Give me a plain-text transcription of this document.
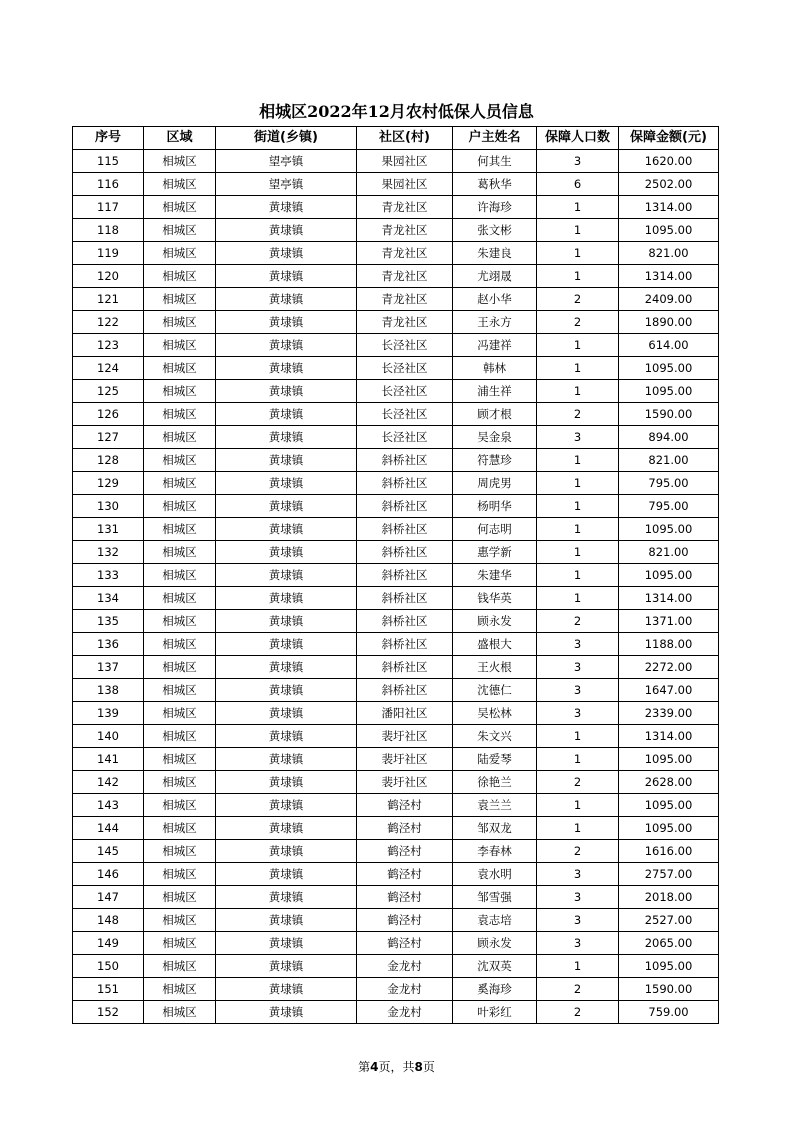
相城区2022年12月农村低保人员信息
序号	区域	街道(乡镇)	社区(村)	户主姓名	保障人口数	保障金额(元)
115	相城区	望亭镇	果园社区	何其生	3	1620.00
116	相城区	望亭镇	果园社区	葛秋华	6	2502.00
117	相城区	黄埭镇	青龙社区	许海珍	1	1314.00
118	相城区	黄埭镇	青龙社区	张文彬	1	1095.00
119	相城区	黄埭镇	青龙社区	朱建良	1	821.00
120	相城区	黄埭镇	青龙社区	尤翊晟	1	1314.00
121	相城区	黄埭镇	青龙社区	赵小华	2	2409.00
122	相城区	黄埭镇	青龙社区	王永方	2	1890.00
123	相城区	黄埭镇	长泾社区	冯建祥	1	614.00
124	相城区	黄埭镇	长泾社区	韩林	1	1095.00
125	相城区	黄埭镇	长泾社区	浦生祥	1	1095.00
126	相城区	黄埭镇	长泾社区	顾才根	2	1590.00
127	相城区	黄埭镇	长泾社区	吴金泉	3	894.00
128	相城区	黄埭镇	斜桥社区	符慧珍	1	821.00
129	相城区	黄埭镇	斜桥社区	周虎男	1	795.00
130	相城区	黄埭镇	斜桥社区	杨明华	1	795.00
131	相城区	黄埭镇	斜桥社区	何志明	1	1095.00
132	相城区	黄埭镇	斜桥社区	惠学新	1	821.00
133	相城区	黄埭镇	斜桥社区	朱建华	1	1095.00
134	相城区	黄埭镇	斜桥社区	钱华英	1	1314.00
135	相城区	黄埭镇	斜桥社区	顾永发	2	1371.00
136	相城区	黄埭镇	斜桥社区	盛根大	3	1188.00
137	相城区	黄埭镇	斜桥社区	王火根	3	2272.00
138	相城区	黄埭镇	斜桥社区	沈德仁	3	1647.00
139	相城区	黄埭镇	潘阳社区	吴松林	3	2339.00
140	相城区	黄埭镇	裴圩社区	朱文兴	1	1314.00
141	相城区	黄埭镇	裴圩社区	陆爱琴	1	1095.00
142	相城区	黄埭镇	裴圩社区	徐艳兰	2	2628.00
143	相城区	黄埭镇	鹤泾村	袁兰兰	1	1095.00
144	相城区	黄埭镇	鹤泾村	邹双龙	1	1095.00
145	相城区	黄埭镇	鹤泾村	李春林	2	1616.00
146	相城区	黄埭镇	鹤泾村	袁水明	3	2757.00
147	相城区	黄埭镇	鹤泾村	邹雪强	3	2018.00
148	相城区	黄埭镇	鹤泾村	袁志培	3	2527.00
149	相城区	黄埭镇	鹤泾村	顾永发	3	2065.00
150	相城区	黄埭镇	金龙村	沈双英	1	1095.00
151	相城区	黄埭镇	金龙村	奚海珍	2	1590.00
152	相城区	黄埭镇	金龙村	叶彩红	2	759.00
第4页，共8页
